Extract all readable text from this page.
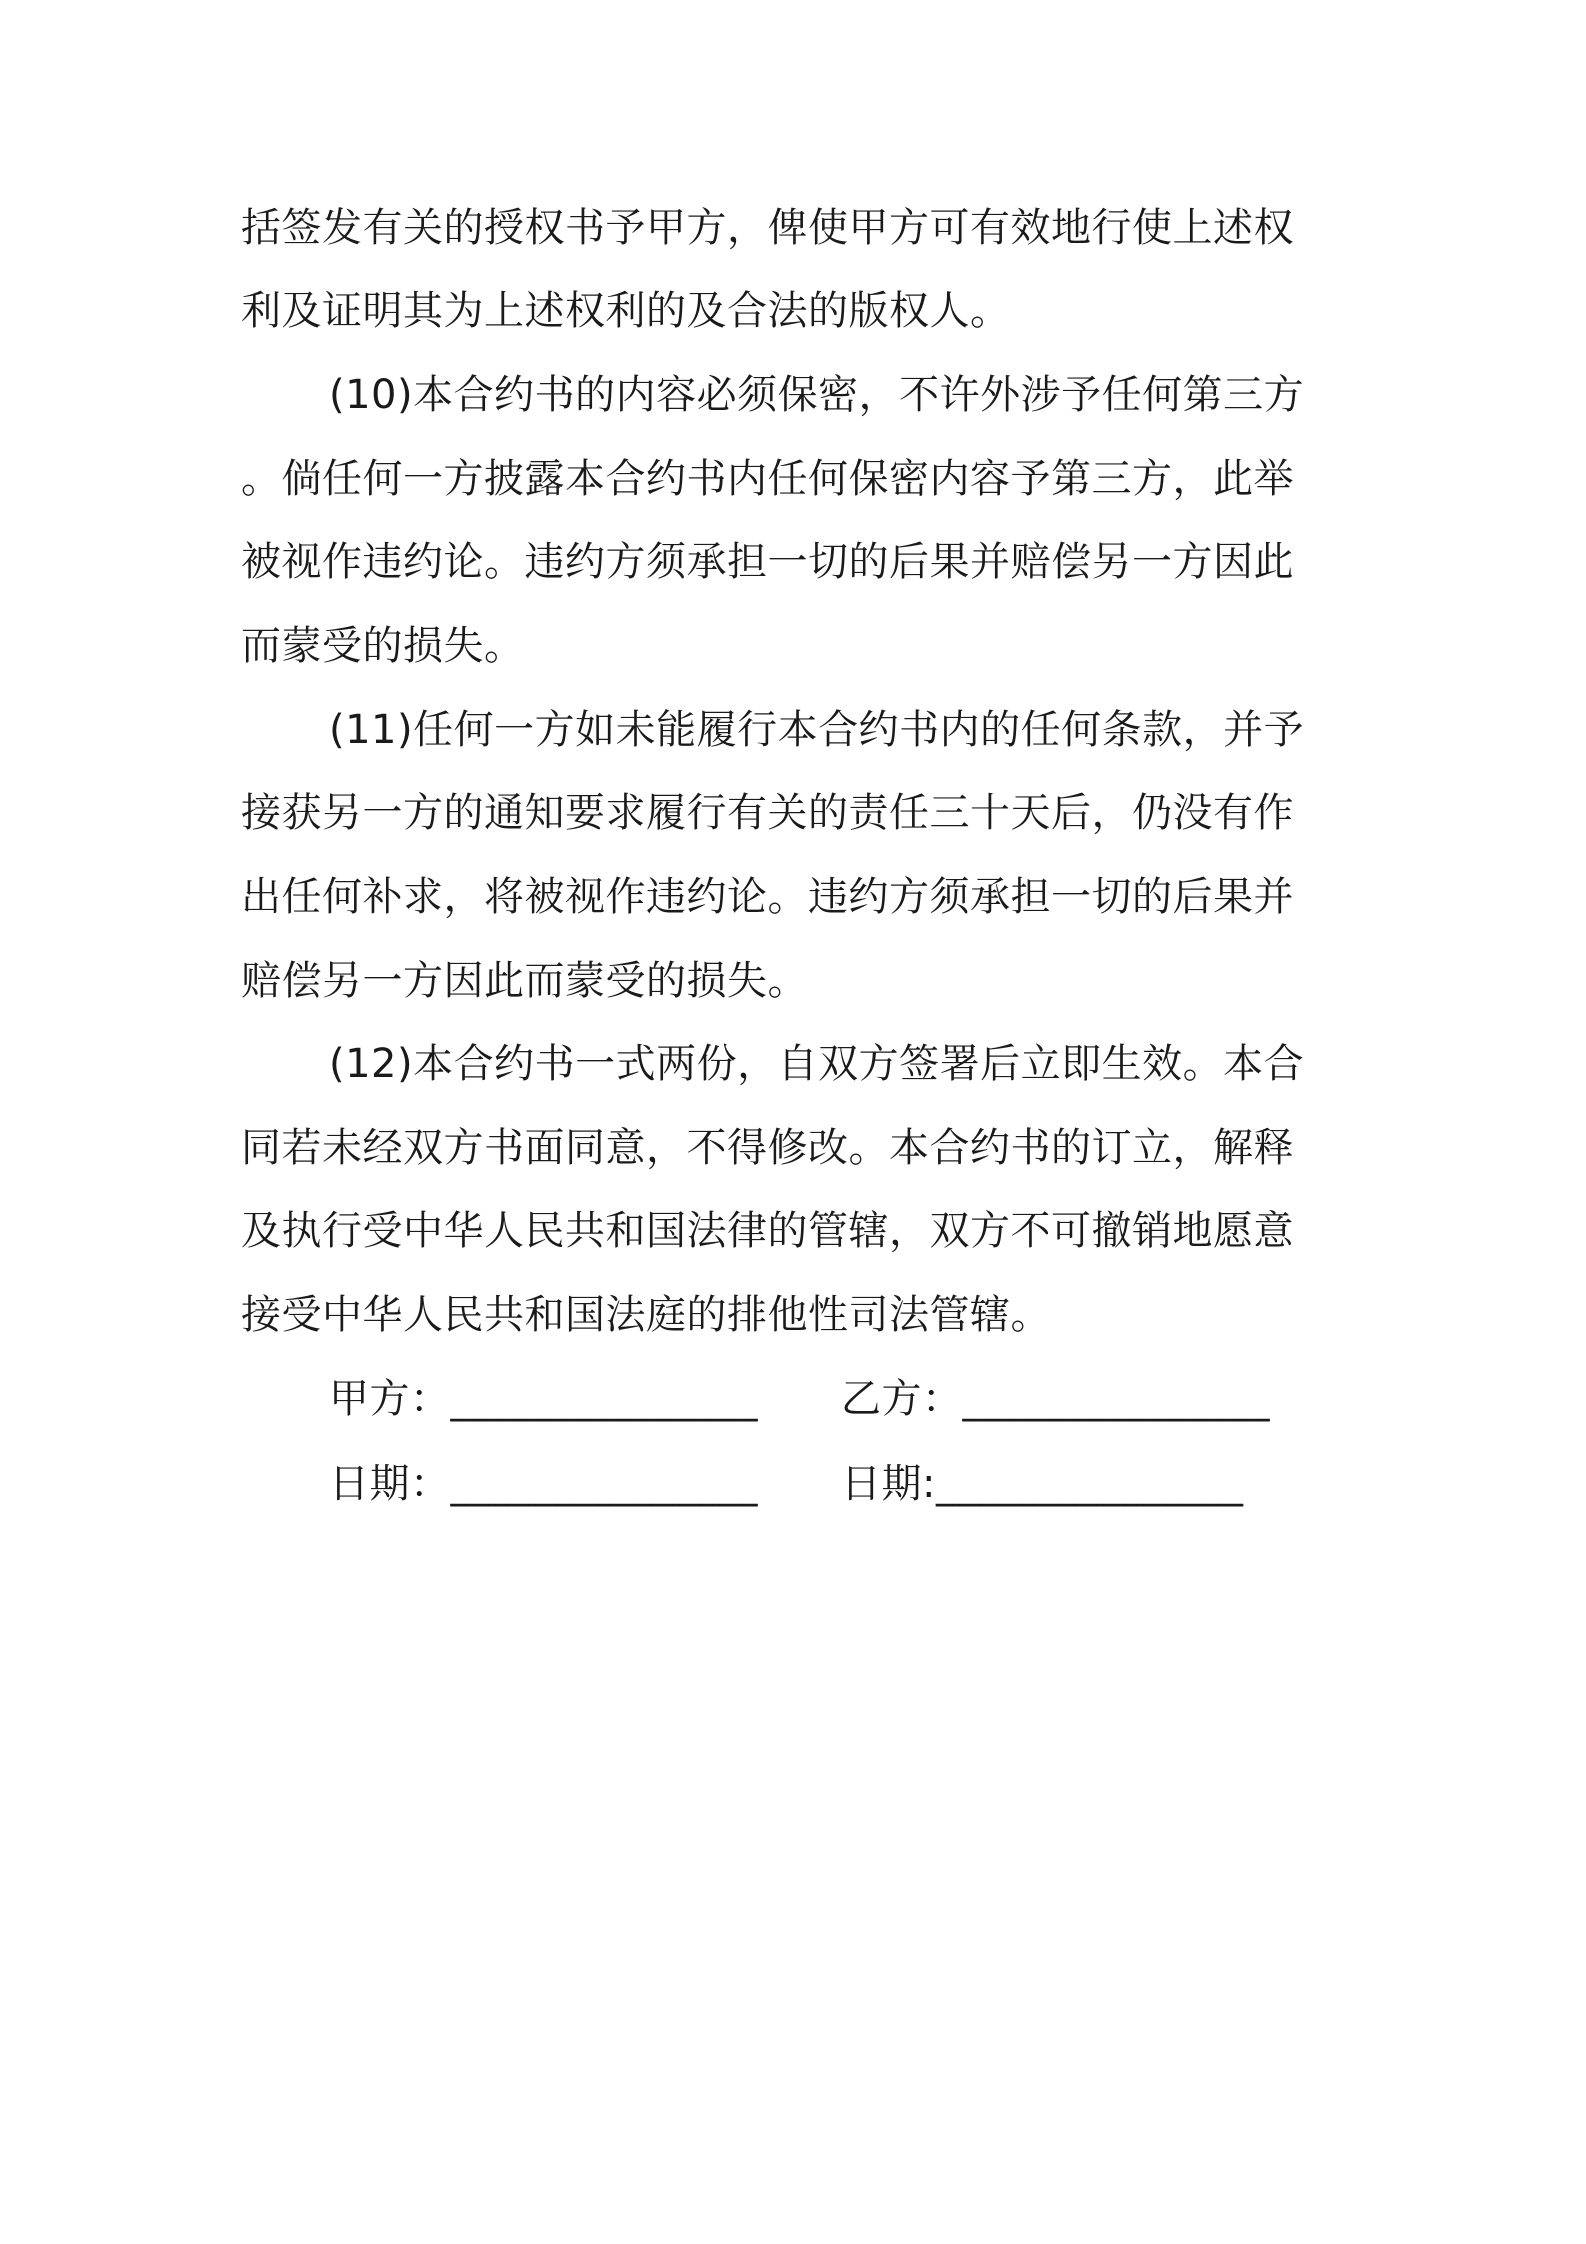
括签发有关的授权书予甲方，俾使甲方可有效地行使上述权
利及证明其为上述权利的及合法的版权人。
(10)本合约书的内容必须保密，不许外涉予任何第三方
。倘任何一方披露本合约书内任何保密内容予第三方，此举
被视作违约论。违约方须承担一切的后果并赔偿另一方因此
而蒙受的损失。
(11)任何一方如未能履行本合约书内的任何条款，并予
接获另一方的通知要求履行有关的责任三十天后，仍没有作
出任何补求，将被视作违约论。违约方须承担一切的后果并
赔偿另一方因此而蒙受的损失。
(12)本合约书一式两份，自双方签署后立即生效。本合
同若未经双方书面同意，不得修改。本合约书的订立，解释
及执行受中华人民共和国法律的管辖，双方不可撤销地愿意
接受中华人民共和国法庭的排他性司法管辖。
甲方：_______________ 乙方：_______________
日期：_______________ 日期:_______________
